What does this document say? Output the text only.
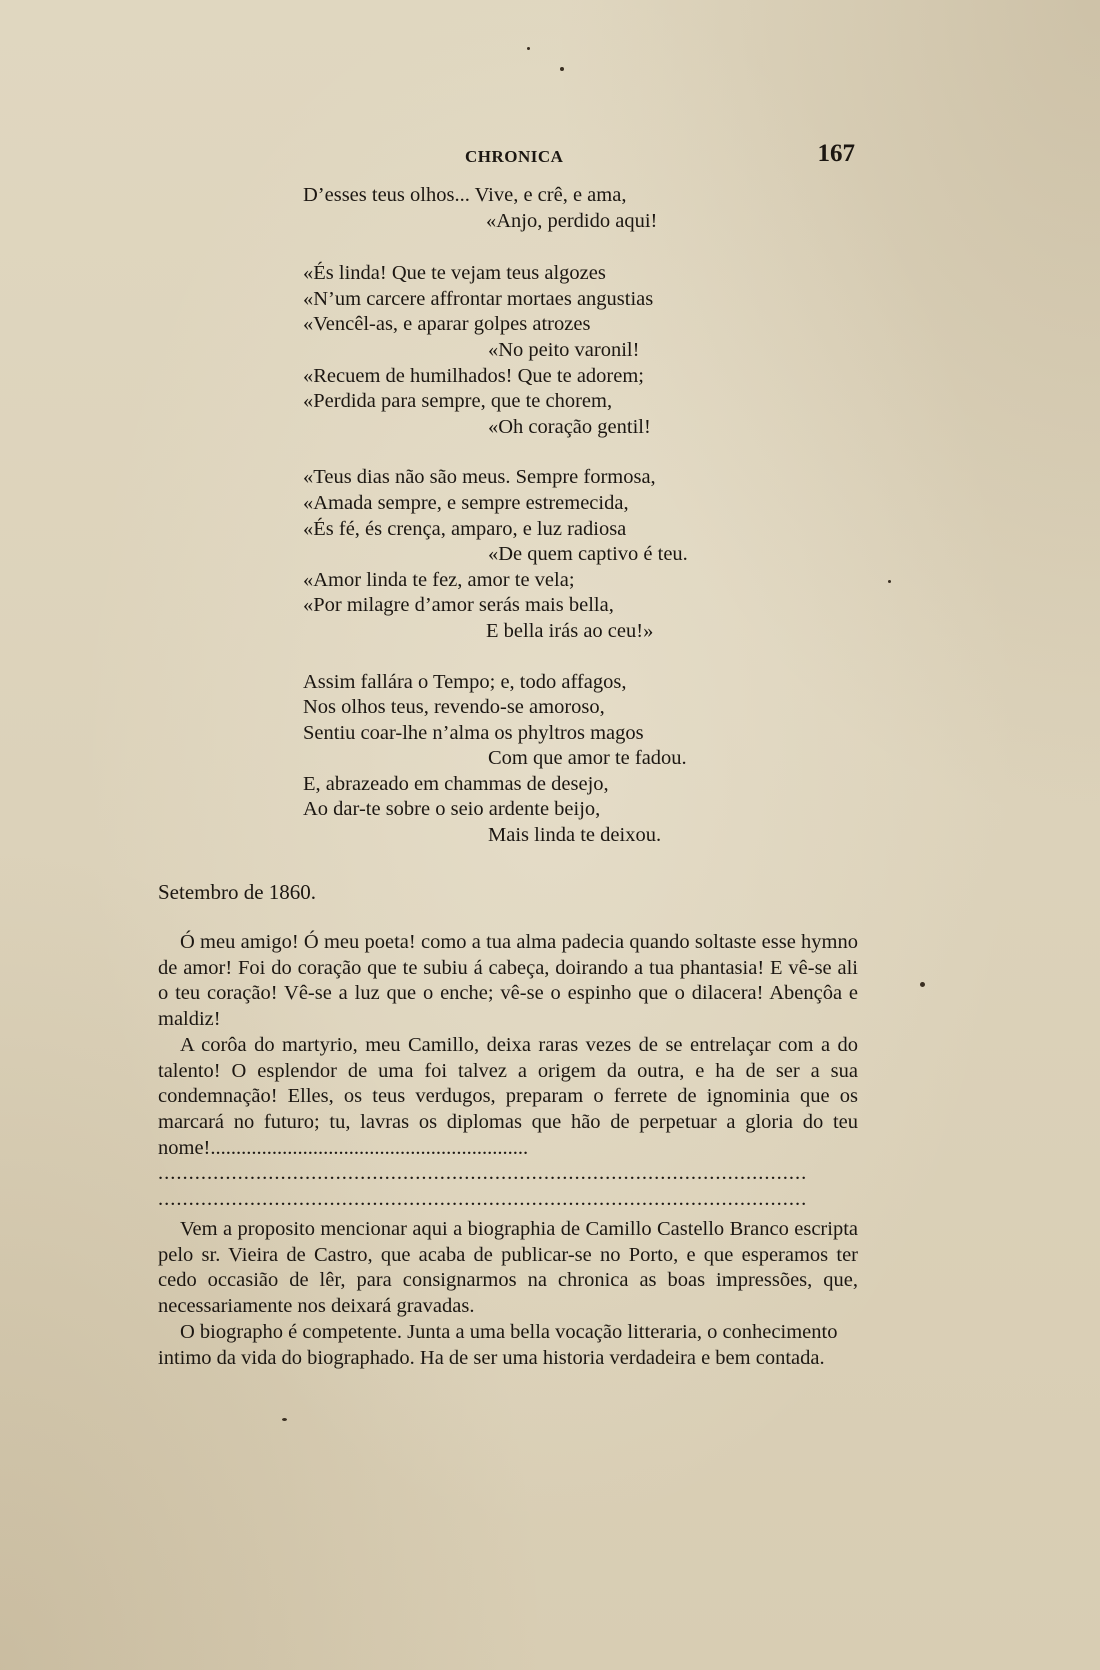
CHRONICA	167
D’esses teus olhos... Vive, e crê, e ama,
«Anjo, perdido aqui!
«És linda! Que te vejam teus algozes
«N’um carcere affrontar mortaes angustias
«Vencêl-as, e aparar golpes atrozes
«No peito varonil!
«Recuem de humilhados! Que te adorem;
«Perdida para sempre, que te chorem,
«Oh coração gentil!
«Teus dias não são meus. Sempre formosa,
«Amada sempre, e sempre estremecida,
«És fé, és crença, amparo, e luz radiosa
«De quem captivo é teu.
«Amor linda te fez, amor te vela;
«Por milagre d’amor serás mais bella,
E bella irás ao ceu!»
Assim fallára o Tempo; e, todo affagos,
Nos olhos teus, revendo-se amoroso,
Sentiu coar-lhe n’alma os phyltros magos
Com que amor te fadou.
E, abrazeado em chammas de desejo,
Ao dar-te sobre o seio ardente beijo,
Mais linda te deixou.
Setembro de 1860.

Ó meu amigo! Ó meu poeta! como a tua alma padecia quando soltaste esse hymno de amor! Foi do coração que te subiu á cabeça, doirando a tua phantasia! E vê-se ali o teu coração! Vê-se a luz que o enche; vê-se o espinho que o dilacera! Abençôa e maldiz!

A corôa do martyrio, meu Camillo, deixa raras vezes de se entrelaçar com a do talento! O esplendor de uma foi talvez a origem da outra, e ha de ser a sua condemnação! Elles, os teus verdugos, preparam o ferrete de ignominia que os marcará no futuro; tu, lavras os diplomas que hão de perpetuar a gloria do teu nome!..............................................................

..........................................................................................................
..........................................................................................................

Vem a proposito mencionar aqui a biographia de Camillo Castello Branco escripta pelo sr. Vieira de Castro, que acaba de publicar-se no Porto, e que esperamos ter cedo occasião de lêr, para consignarmos na chronica as boas impressões, que, necessariamente nos deixará gravadas.

O biographo é competente. Junta a uma bella vocação litteraria, o conhecimento intimo da vida do biographado. Ha de ser uma historia verdadeira e bem contada.
